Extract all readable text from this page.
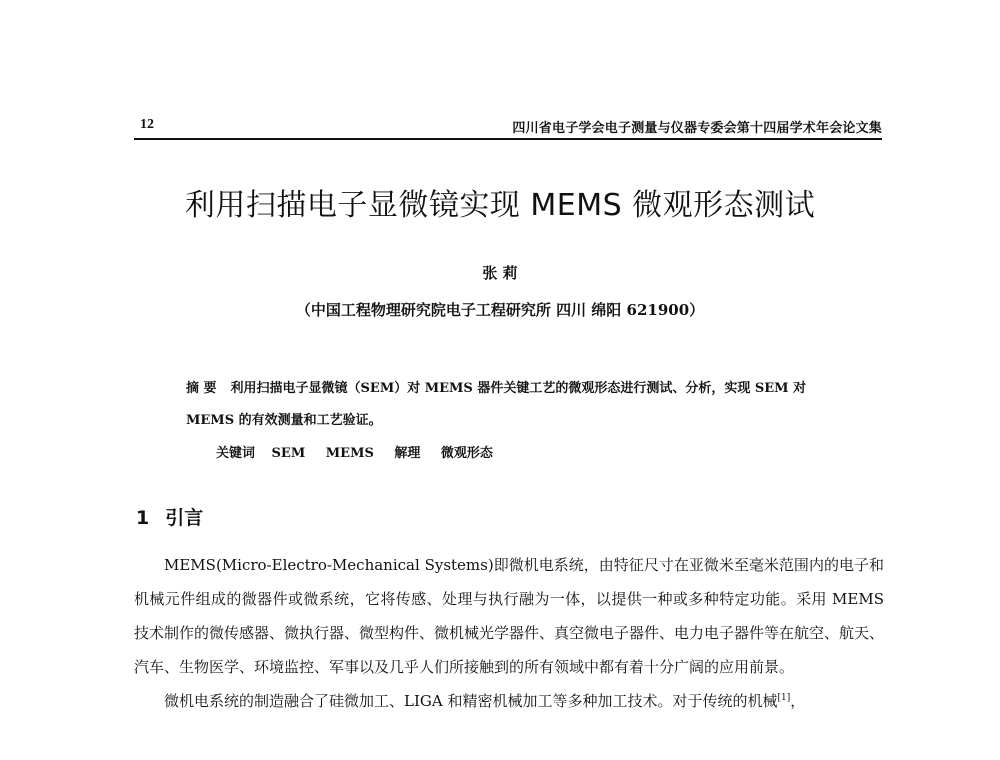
12	四川省电子学会电子测量与仪器专委会第十四届学术年会论文集
利用扫描电子显微镜实现 MEMS 微观形态测试
张 莉
（中国工程物理研究院电子工程研究所 四川 绵阳 621900）
摘 要 利用扫描电子显微镜（SEM）对 MEMS 器件关键工艺的微观形态进行测试、分析，实现 SEM 对 MEMS 的有效测量和工艺验证。
关键词 SEM MEMS 解理 微观形态
1 引言

MEMS(Micro-Electro-Mechanical Systems)即微机电系统，由特征尺寸在亚微米至毫米范围内的电子和机械元件组成的微器件或微系统，它将传感、处理与执行融为一体，以提供一种或多种特定功能。采用 MEMS 技术制作的微传感器、微执行器、微型构件、微机械光学器件、真空微电子器件、电力电子器件等在航空、航天、汽车、生物医学、环境监控、军事以及几乎人们所接触到的所有领域中都有着十分广阔的应用前景。

微机电系统的制造融合了硅微加工、LIGA 和精密机械加工等多种加工技术。对于传统的机械[1]，
